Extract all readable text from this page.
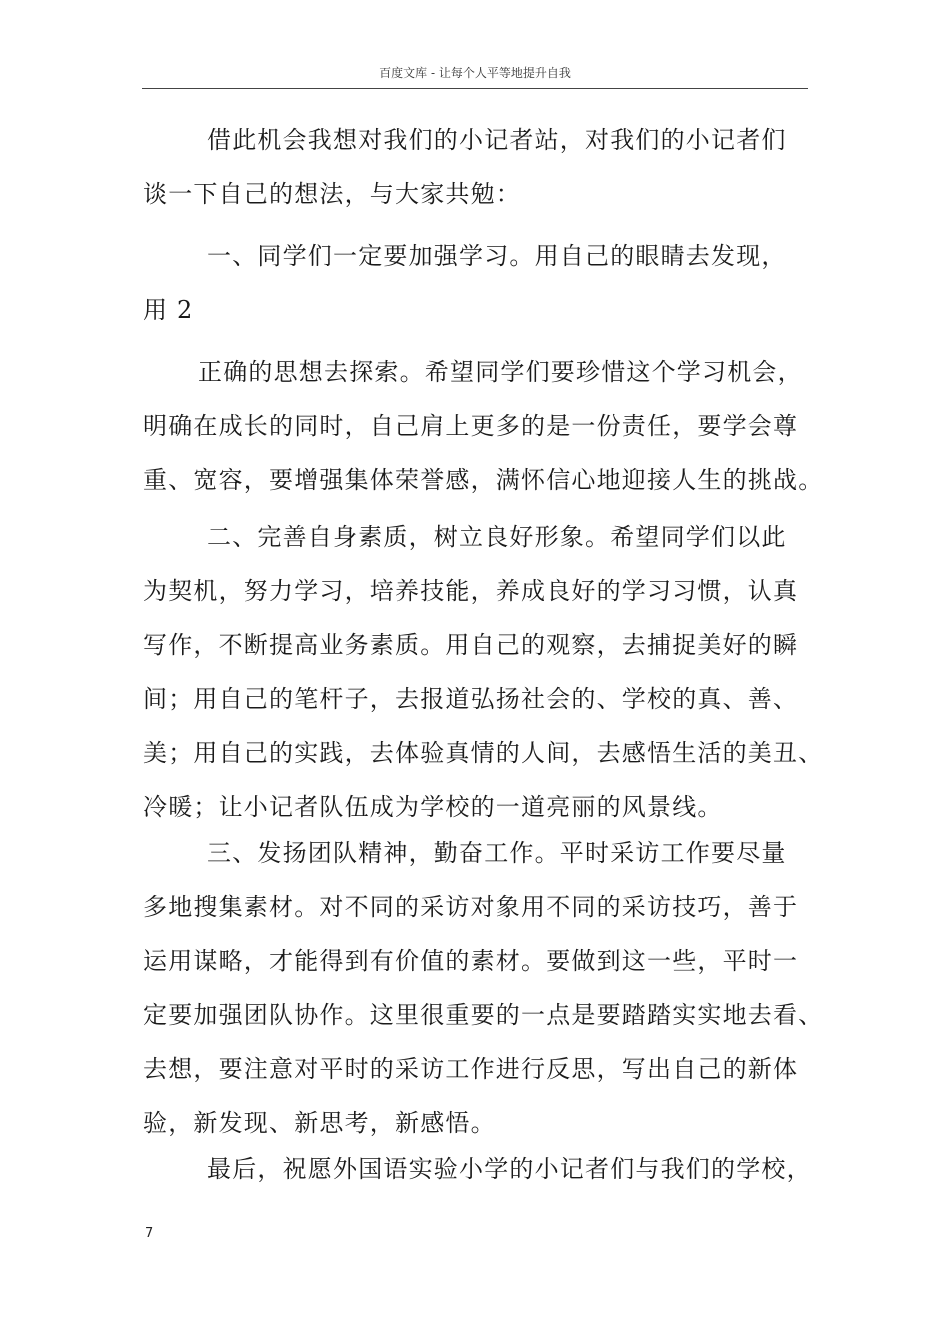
百度文库 - 让每个人平等地提升自我
借此机会我想对我们的小记者站，对我们的小记者们
谈一下自己的想法，与大家共勉：
一、同学们一定要加强学习。用自己的眼睛去发现，
用 2
正确的思想去探索。希望同学们要珍惜这个学习机会，
明确在成长的同时，自己肩上更多的是一份责任，要学会尊
重、宽容，要增强集体荣誉感，满怀信心地迎接人生的挑战。
二、完善自身素质，树立良好形象。希望同学们以此
为契机，努力学习，培养技能，养成良好的学习习惯，认真
写作，不断提高业务素质。用自己的观察，去捕捉美好的瞬
间；用自己的笔杆子，去报道弘扬社会的、学校的真、善、
美；用自己的实践，去体验真情的人间，去感悟生活的美丑、
冷暖；让小记者队伍成为学校的一道亮丽的风景线。
三、发扬团队精神，勤奋工作。平时采访工作要尽量
多地搜集素材。对不同的采访对象用不同的采访技巧，善于
运用谋略，才能得到有价值的素材。要做到这一些，平时一
定要加强团队协作。这里很重要的一点是要踏踏实实地去看、
去想，要注意对平时的采访工作进行反思，写出自己的新体
验，新发现、新思考，新感悟。
最后，祝愿外国语实验小学的小记者们与我们的学校，
7
